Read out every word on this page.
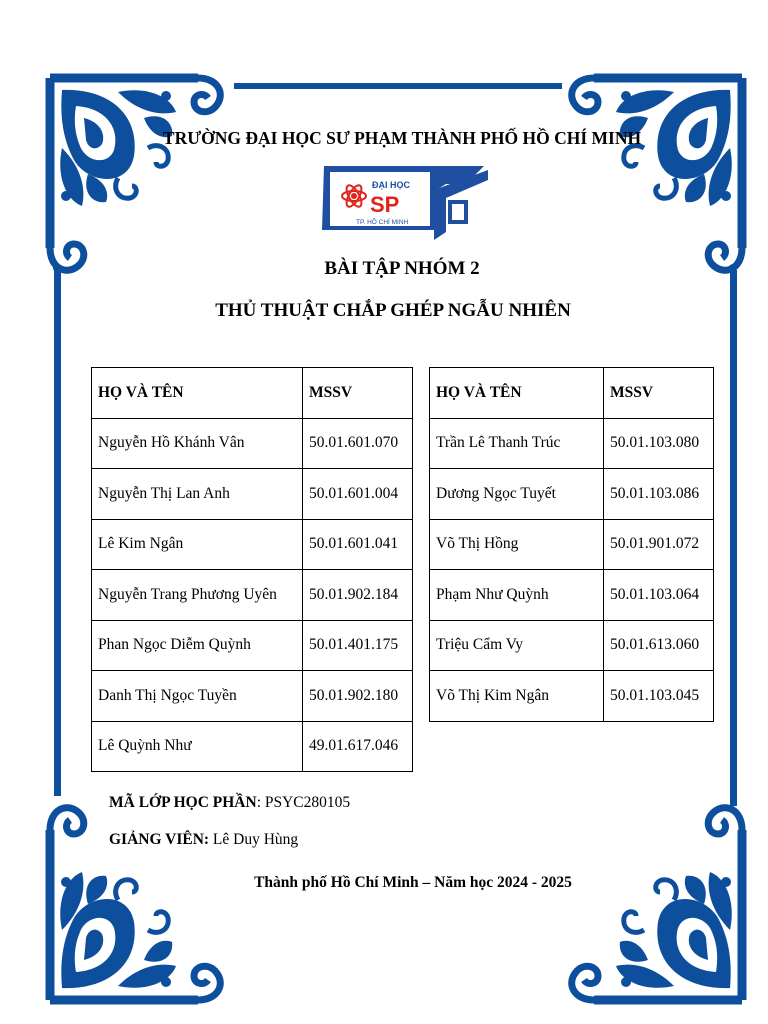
TRƯỜNG ĐẠI HỌC SƯ PHẠM THÀNH PHỐ HỒ CHÍ MINH
ĐẠI HỌC
SP
TP. HỒ CHÍ MINH
BÀI TẬP NHÓM 2
THỦ THUẬT CHẮP GHÉP NGẪU NHIÊN
HỌ VÀ TÊN	MSSV
Nguyễn Hồ Khánh Vân	50.01.601.070
Nguyễn Thị Lan Anh	50.01.601.004
Lê Kim Ngân	50.01.601.041
Nguyễn Trang Phương Uyên	50.01.902.184
Phan Ngọc Diễm Quỳnh	50.01.401.175
Danh Thị Ngọc Tuyền	50.01.902.180
Lê Quỳnh Như	49.01.617.046
HỌ VÀ TÊN	MSSV
Trần Lê Thanh Trúc	50.01.103.080
Dương Ngọc Tuyết	50.01.103.086
Võ Thị Hồng	50.01.901.072
Phạm Như Quỳnh	50.01.103.064
Triệu Cẩm Vy	50.01.613.060
Võ Thị Kim Ngân	50.01.103.045
MÃ LỚP HỌC PHẦN: PSYC280105
GIẢNG VIÊN: Lê Duy Hùng
Thành phố Hồ Chí Minh – Năm học 2024 - 2025
